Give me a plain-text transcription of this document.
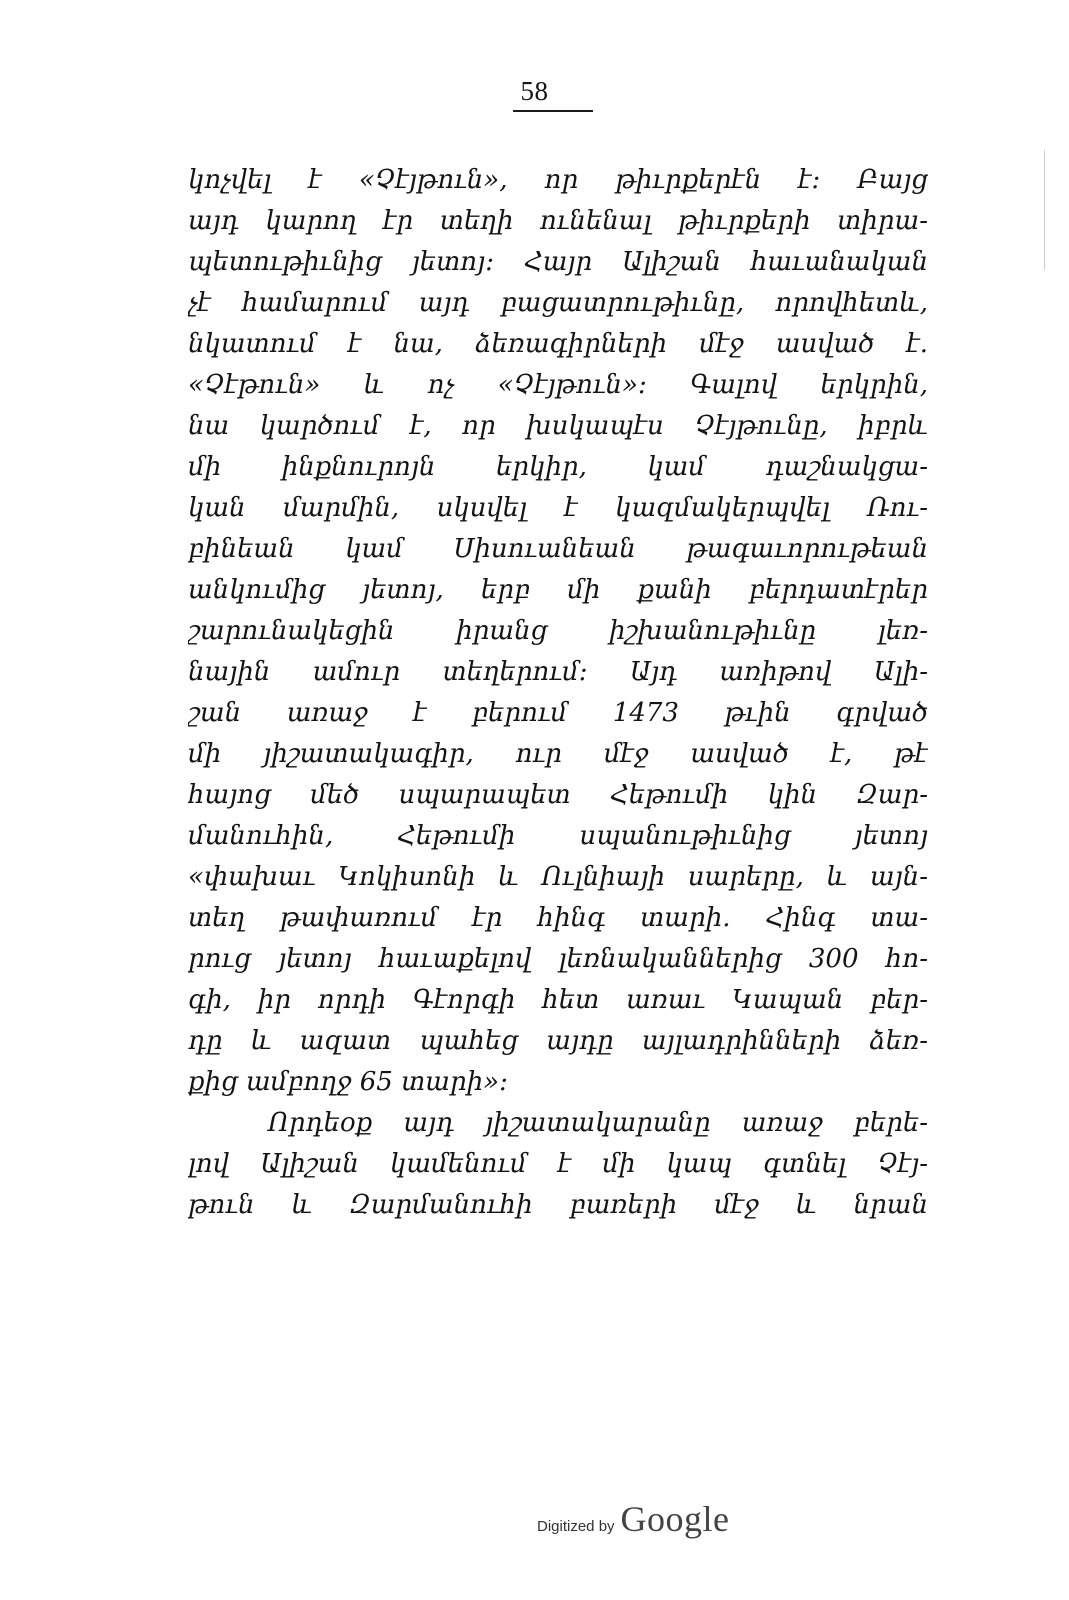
58
կոչվել է «Չէյթուն», որ թիւրքերէն է։ Բայց
այդ կարող էր տեղի ունենալ թիւրքերի տիրա-
պետութիւնից յետոյ։ Հայր Ալիշան հաւանական
չէ համարում այդ բացատրութիւնը, որովհետև,
նկատում է նա, ձեռագիրների մէջ ասված է.
«Չէթուն» և ոչ «Չէյթուն»։ Գալով երկրին,
նա կարծում է, որ խսկապէս Չէյթունը, իբրև
մի ինքնուրոյն երկիր, կամ դաշնակցա-
կան մարմին, սկսվել է կազմակերպվել Ռու-
բինեան կամ Սիսուանեան թագաւորութեան
անկումից յետոյ, երբ մի քանի բերդատէրեր
շարունակեցին իրանց իշխանութիւնը լեռ-
նային ամուր տեղերում։ Այդ առիթով Ալի-
շան առաջ է բերում 1473 թւին գրված
մի յիշատակագիր, ուր մէջ ասված է, թէ
հայոց մեծ սպարապետ Հեթումի կին Զար-
մանուհին, Հեթումի սպանութիւնից յետոյ
«փախաւ Կոկիսոնի և Ուլնիայի սարերը, և այն-
տեղ թափառում էր հինգ տարի. Հինգ տա-
րուց յետոյ հաւաքելով լեռնականներից 300 հո-
գի, իր որդի Գէորգի հետ առաւ Կապան բեր-
դը և ազատ պահեց այդը այլադրինների ձեռ-
քից ամբողջ 65 տարի»։
Որդեօք այդ յիշատակարանը առաջ բերե-
լով Ալիշան կամենում է մի կապ գտնել Չէյ-
թուն և Զարմանուհի բառերի մէջ և նրան
Digitized by Google
